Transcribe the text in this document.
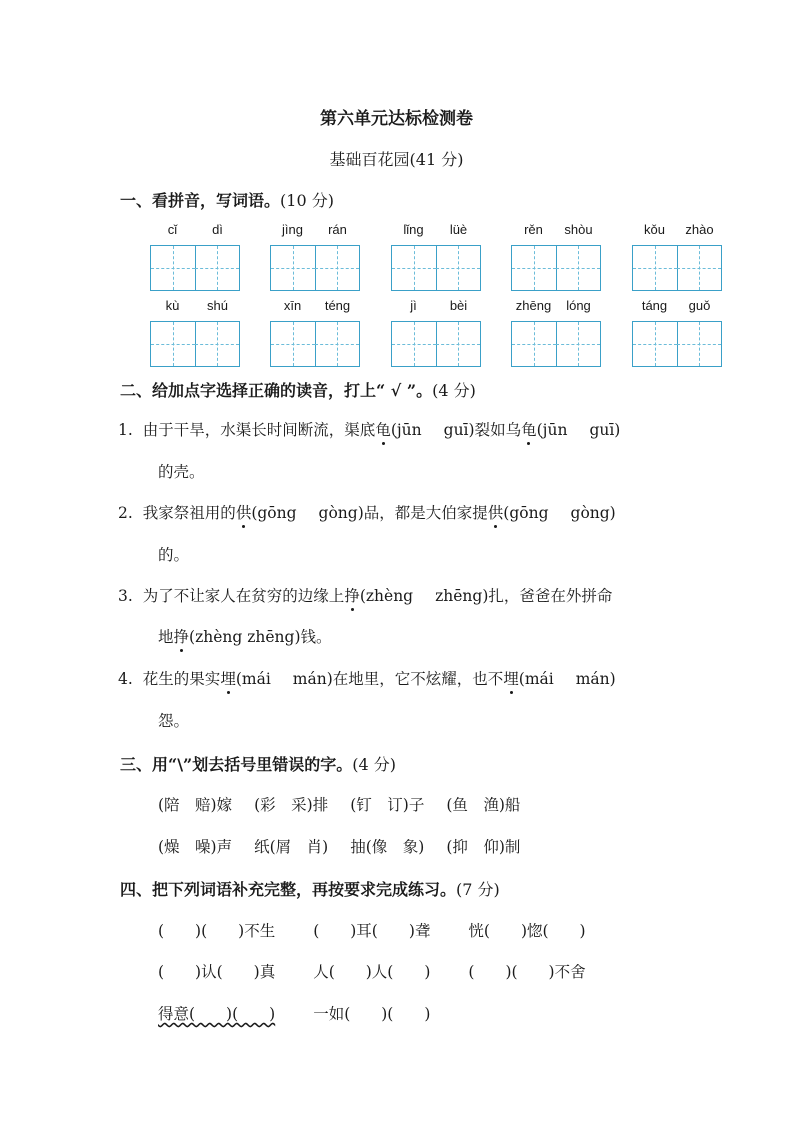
第六单元达标检测卷
基础百花园(41 分)
一、看拼音，写词语。(10 分)
cǐ	dì	jìng	rán	lǐng	lüè	rěn	shòu	kǒu	zhào
kù	shú	xīn	téng	jì	bèi	zhēng	lóng	táng	guǒ
二、给加点字选择正确的读音，打上“ √ ”。(4 分)
1. 由于干旱，水渠长时间断流，渠底龟(jūn guī)裂如乌龟(jūn guī)
的壳。
2. 我家祭祖用的供(gōng gòng)品，都是大伯家提供(gōng gòng)
的。
3. 为了不让家人在贫穷的边缘上挣(zhèng zhēng)扎，爸爸在外拼命
地挣(zhèng zhēng)钱。
4. 花生的果实埋(mái mán)在地里，它不炫耀，也不埋(mái mán)
怨。
三、用“\”划去括号里错误的字。(4 分)
(陪　赔)嫁 (彩　采)排 (钉　订)子 (鱼　渔)船
(燥　噪)声 纸(屑　肖) 抽(像　象) (抑　仰)制
四、把下列词语补充完整，再按要求完成练习。(7 分)
(　　)(　　)不生 (　　)耳(　　)聋 恍(　　)惚(　　)
(　　)认(　　)真 人(　　)人(　　) (　　)(　　)不舍
得意(　　)(　　) 一如(　　)(　　)
